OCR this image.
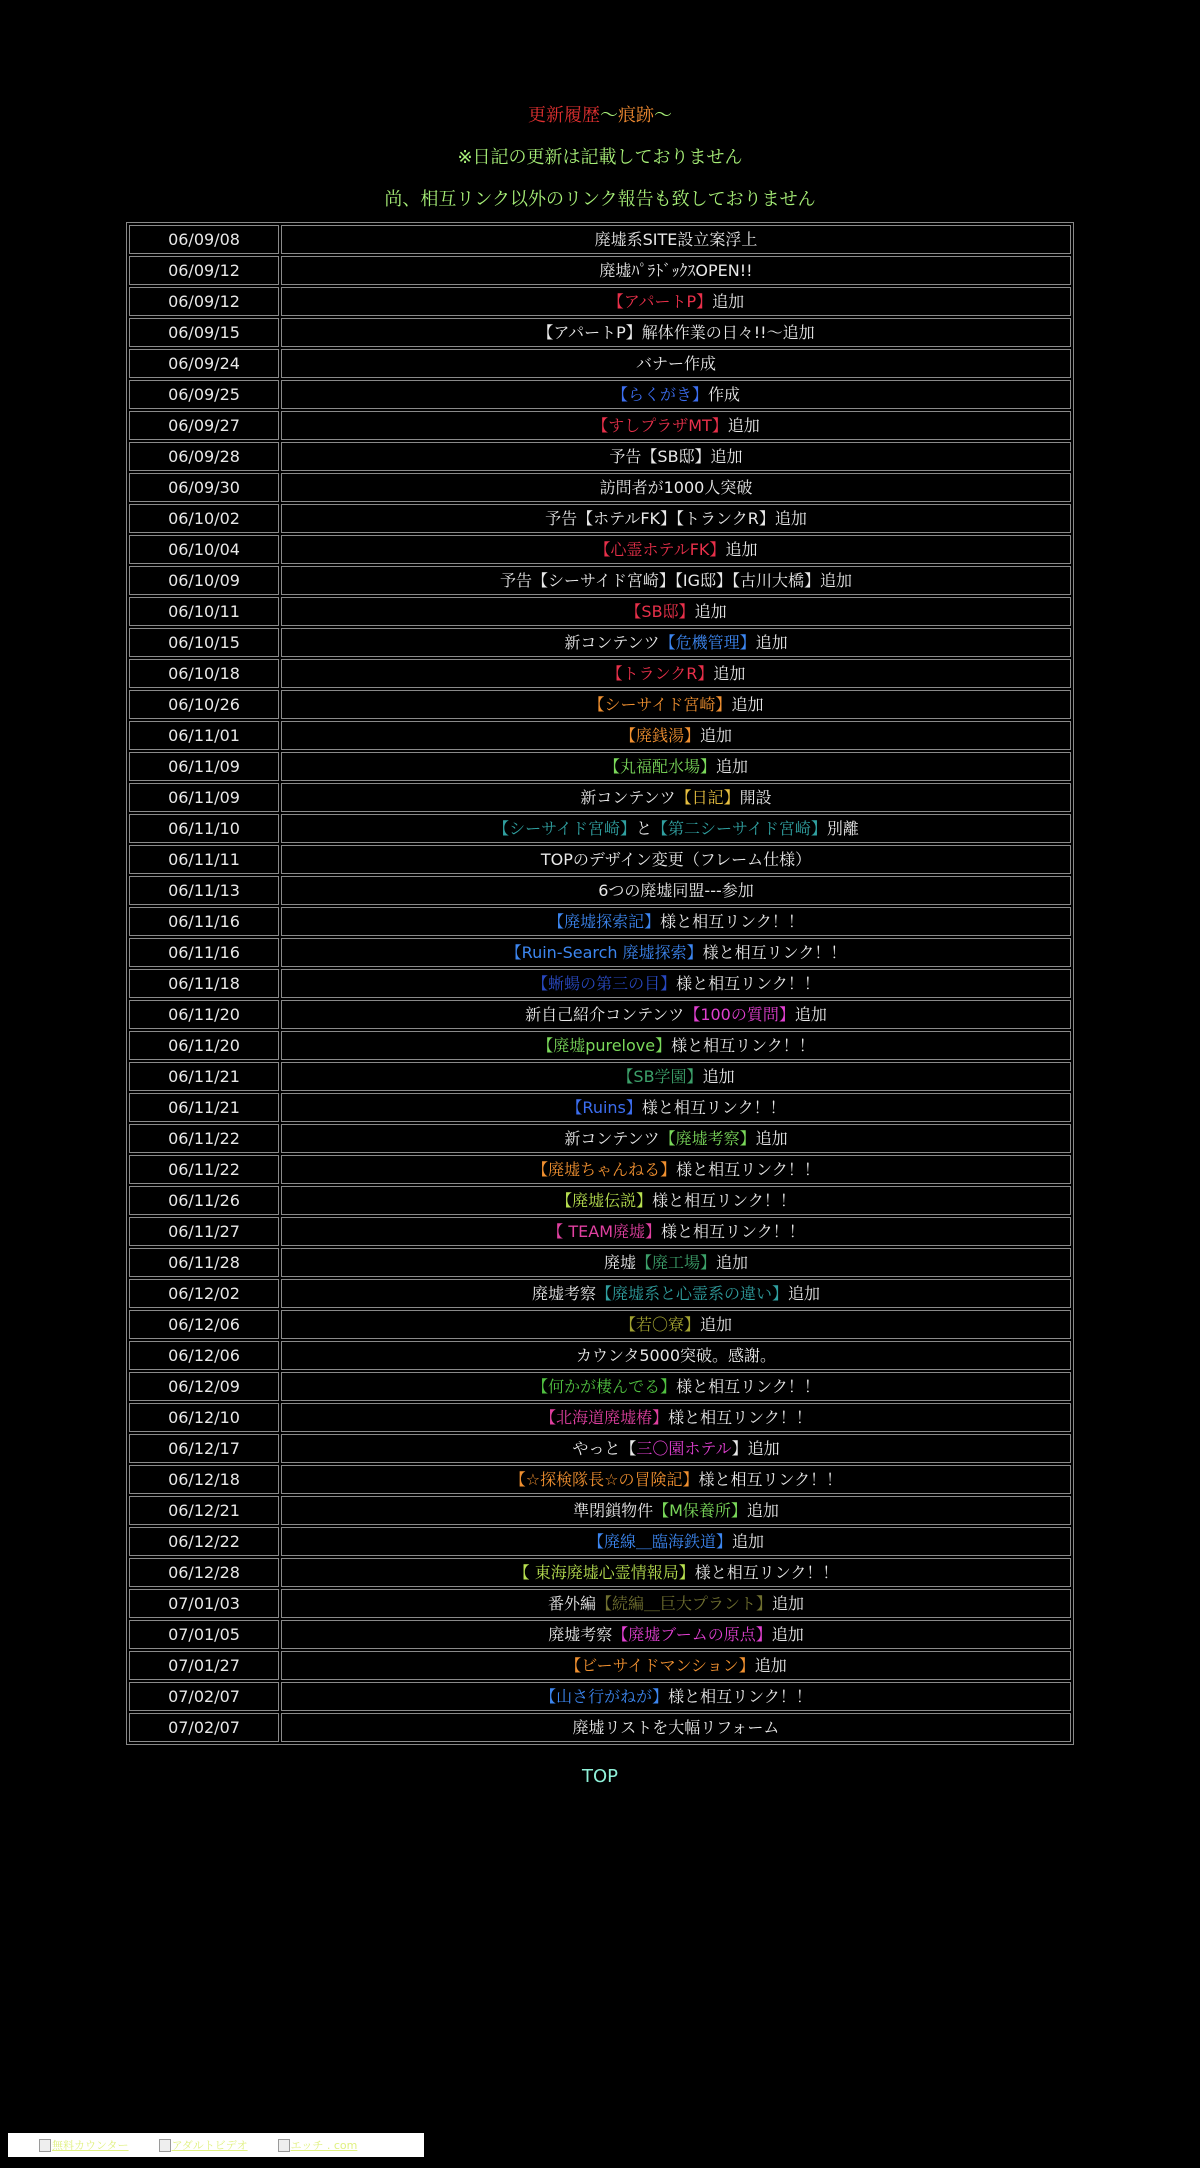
更新履歴〜痕跡〜
※日記の更新は記載しておりません
尚、相互リンク以外のリンク報告も致しておりません
06/09/08	廃墟系SITE設立案浮上
06/09/12	廃墟ﾊﾟﾗﾄﾞｯｸｽOPEN!!
06/09/12	【アパートP】追加
06/09/15	【アパートP】解体作業の日々!!〜追加
06/09/24	バナー作成
06/09/25	【らくがき】作成
06/09/27	【すしプラザMT】追加
06/09/28	予告【SB邸】追加
06/09/30	訪問者が1000人突破
06/10/02	予告【ホテルFK】【トランクR】追加
06/10/04	【心霊ホテルFK】追加
06/10/09	予告【シーサイド宮崎】【IG邸】【古川大橋】追加
06/10/11	【SB邸】追加
06/10/15	新コンテンツ【危機管理】追加
06/10/18	【トランクR】追加
06/10/26	【シーサイド宮崎】追加
06/11/01	【廃銭湯】追加
06/11/09	【丸福配水場】追加
06/11/09	新コンテンツ【日記】開設
06/11/10	【シーサイド宮崎】と【第二シーサイド宮崎】別離
06/11/11	TOPのデザイン変更（フレーム仕様）
06/11/13	6つの廃墟同盟---参加
06/11/16	【廃墟探索記】様と相互リンク！！
06/11/16	【Ruin-Search 廃墟探索】様と相互リンク！！
06/11/18	【蜥蝪の第三の目】様と相互リンク！！
06/11/20	新自己紹介コンテンツ【100の質問】追加
06/11/20	【廃墟purelove】様と相互リンク！！
06/11/21	【SB学園】追加
06/11/21	【Ruins】様と相互リンク！！
06/11/22	新コンテンツ【廃墟考察】追加
06/11/22	【廃墟ちゃんねる】様と相互リンク！！
06/11/26	【廃墟伝説】様と相互リンク！！
06/11/27	【 TEAM廃墟】様と相互リンク！！
06/11/28	廃墟【廃工場】追加
06/12/02	廃墟考察【廃墟系と心霊系の違い】追加
06/12/06	【若〇寮】追加
06/12/06	カウンタ5000突破。感謝。
06/12/09	【何かが棲んでる】様と相互リンク！！
06/12/10	【北海道廃墟椿】様と相互リンク！！
06/12/17	やっと【三〇園ホテル】追加
06/12/18	【☆探検隊長☆の冒険記】様と相互リンク！！
06/12/21	準閉鎖物件【M保養所】追加
06/12/22	【廃線＿臨海鉄道】追加
06/12/28	【 東海廃墟心霊情報局】様と相互リンク！！
07/01/03	番外編【続編＿巨大プラント】追加
07/01/05	廃墟考察【廃墟ブームの原点】追加
07/01/27	【ビーサイドマンション】追加
07/02/07	【山さ行がねが】様と相互リンク！！
07/02/07	廃墟リストを大幅リフォーム
TOP
無料カウンター	アダルトビデオ	エッチ . com
